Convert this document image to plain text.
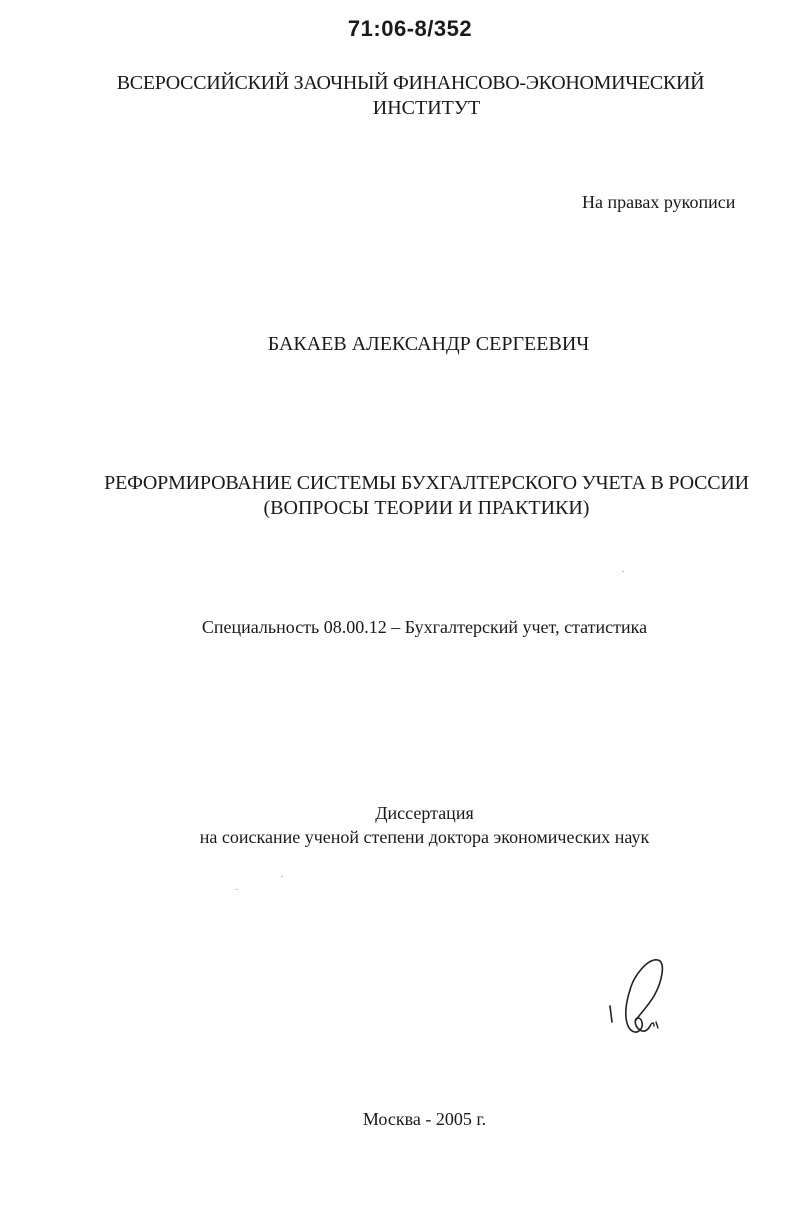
71:06-8/352
ВСЕРОССИЙСКИЙ ЗАОЧНЫЙ ФИНАНСОВО-ЭКОНОМИЧЕСКИЙ
ИНСТИТУТ
На правах рукописи
БАКАЕВ АЛЕКСАНДР СЕРГЕЕВИЧ
РЕФОРМИРОВАНИЕ СИСТЕМЫ БУХГАЛТЕРСКОГО УЧЕТА В РОССИИ
(ВОПРОСЫ ТЕОРИИ И ПРАКТИКИ)
Специальность 08.00.12 – Бухгалтерский учет, статистика
Диссертация
на соискание ученой степени доктора экономических наук
Москва - 2005 г.
